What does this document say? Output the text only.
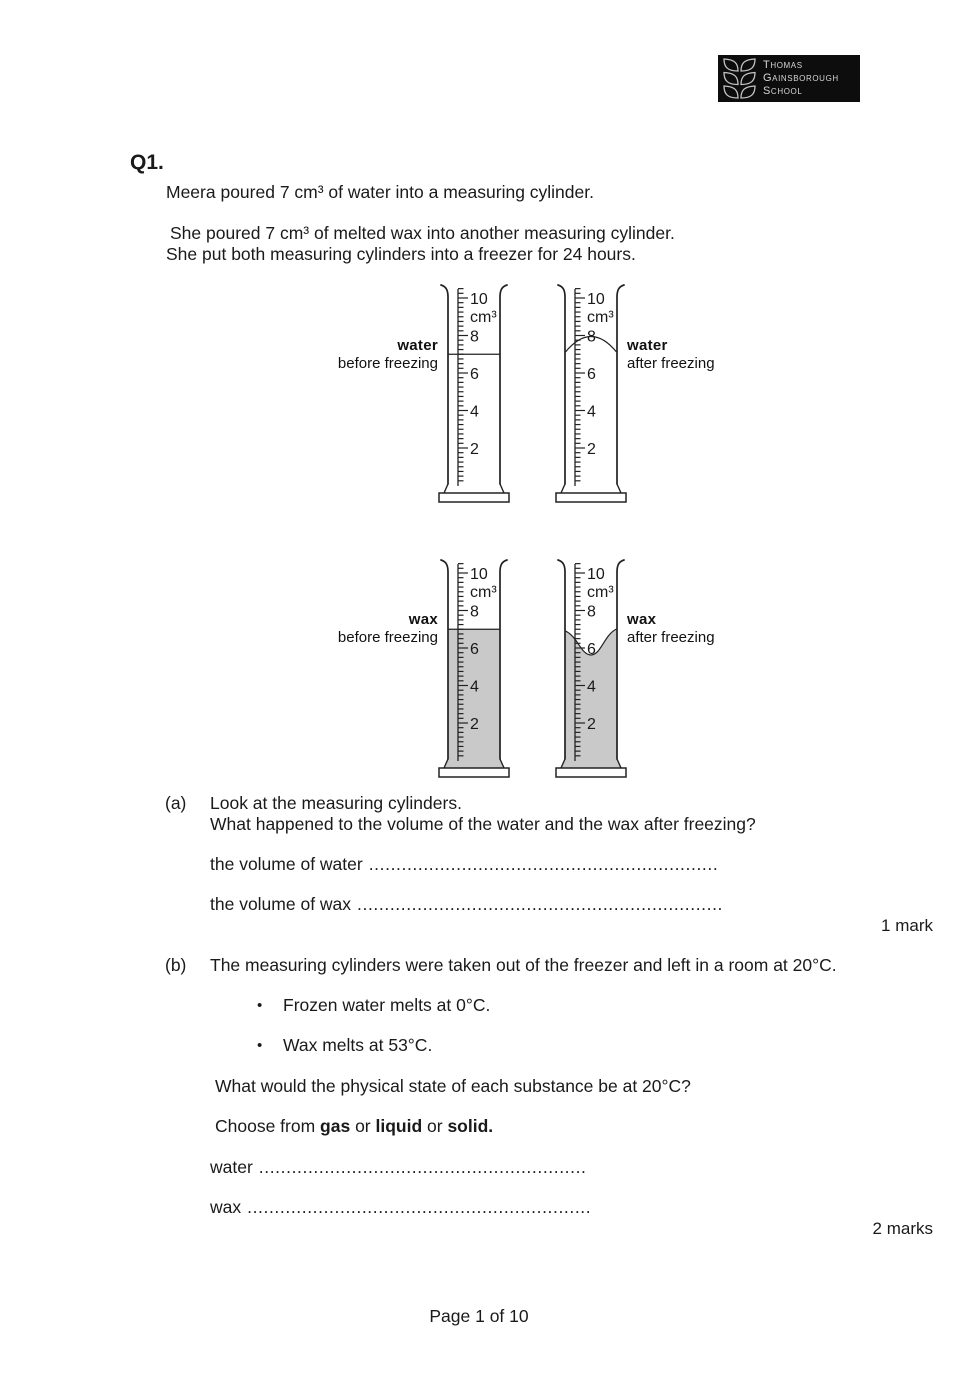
Thomas
Gainsborough
School
Q1.
Meera poured 7 cm³ of water into a measuring cylinder.
She poured 7 cm³ of melted wax into another measuring cylinder.
She put both measuring cylinders into a freezer for 24 hours.
water
before freezing
10
cm³
8
6
4
2
10
cm³
8
6
4
2
water
after freezing
wax
before freezing
10
cm³
8
6
4
2
10
cm³
8
6
4
2
wax
after freezing
(a) Look at the measuring cylinders.
What happened to the volume of the water and the wax after freezing?
the volume of water ................................................................
the volume of wax ...................................................................
1 mark
(b) The measuring cylinders were taken out of the freezer and left in a room at 20°C.
• Frozen water melts at 0°C.
• Wax melts at 53°C.
What would the physical state of each substance be at 20°C?
Choose from gas or liquid or solid.
water ............................................................
wax ...............................................................
2 marks
Page 1 of 10
